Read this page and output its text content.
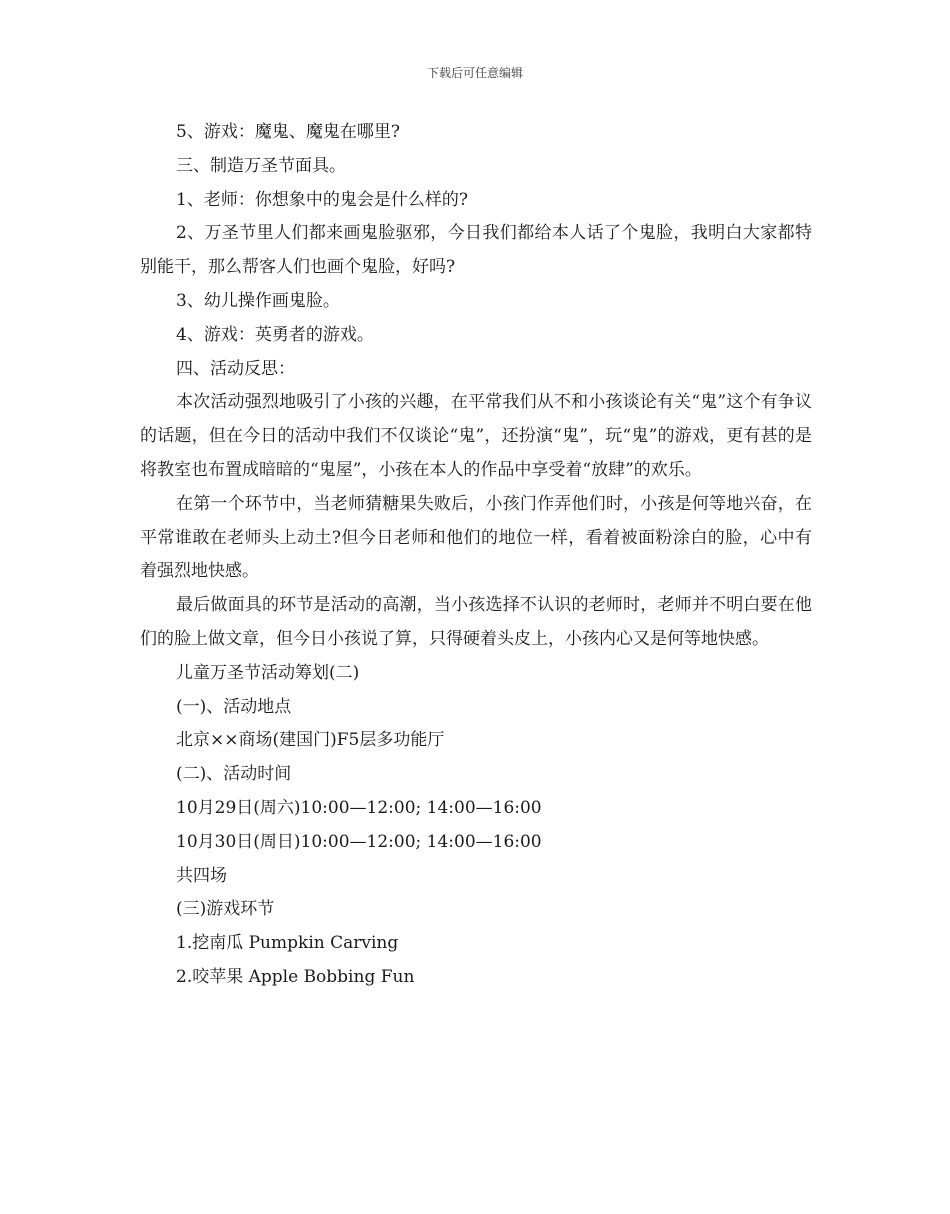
下载后可任意编辑

5、游戏：魔鬼、魔鬼在哪里?

三、制造万圣节面具。

1、老师：你想象中的鬼会是什么样的?

2、万圣节里人们都来画鬼脸驱邪，今日我们都给本人话了个鬼脸，我明白大家都特别能干，那么帮客人们也画个鬼脸，好吗?

3、幼儿操作画鬼脸。

4、游戏：英勇者的游戏。

四、活动反思：

本次活动强烈地吸引了小孩的兴趣，在平常我们从不和小孩谈论有关“鬼”这个有争议的话题，但在今日的活动中我们不仅谈论“鬼”，还扮演“鬼”，玩“鬼”的游戏，更有甚的是将教室也布置成暗暗的“鬼屋”，小孩在本人的作品中享受着“放肆”的欢乐。

在第一个环节中，当老师猜糖果失败后，小孩门作弄他们时，小孩是何等地兴奋，在平常谁敢在老师头上动土?但今日老师和他们的地位一样，看着被面粉涂白的脸，心中有着强烈地快感。

最后做面具的环节是活动的高潮，当小孩选择不认识的老师时，老师并不明白要在他们的脸上做文章，但今日小孩说了算，只得硬着头皮上，小孩内心又是何等地快感。

儿童万圣节活动筹划(二)

(一)、活动地点

北京××商场(建国门)F5层多功能厅

(二)、活动时间

10月29日(周六)10:00—12:00; 14:00—16:00

10月30日(周日)10:00—12:00; 14:00—16:00

共四场

(三)游戏环节

1.挖南瓜 Pumpkin Carving

2.咬苹果 Apple Bobbing Fun
